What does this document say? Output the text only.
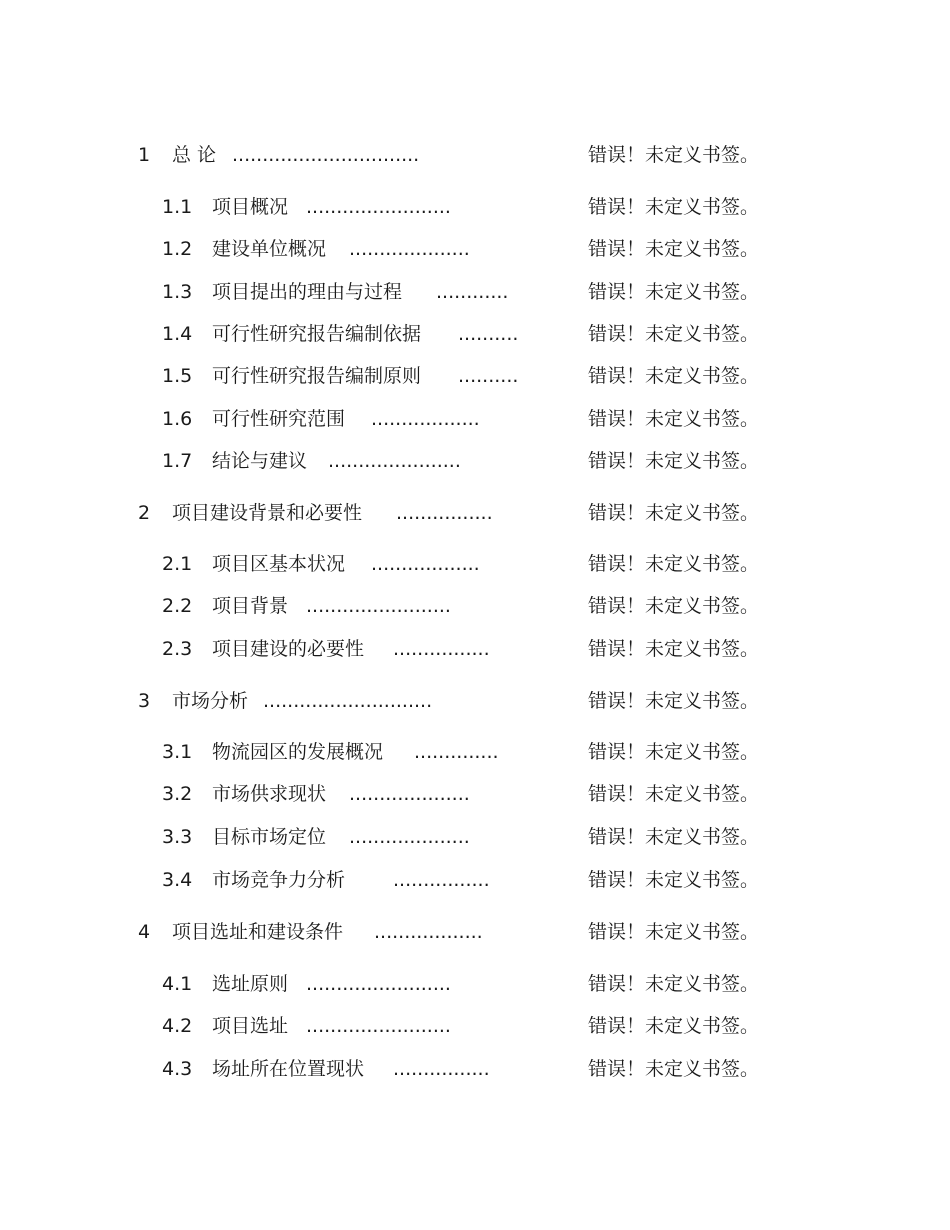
1 总 论 ...............................	错误！未定义书签。
1.1 项目概况 ........................	错误！未定义书签。
1.2 建设单位概况 ....................	错误！未定义书签。
1.3 项目提出的理由与过程 ............	错误！未定义书签。
1.4 可行性研究报告编制依据 ..........	错误！未定义书签。
1.5 可行性研究报告编制原则 ..........	错误！未定义书签。
1.6 可行性研究范围 ..................	错误！未定义书签。
1.7 结论与建议 ......................	错误！未定义书签。
2 项目建设背景和必要性 ................	错误！未定义书签。
2.1 项目区基本状况 ..................	错误！未定义书签。
2.2 项目背景 ........................	错误！未定义书签。
2.3 项目建设的必要性 ................	错误！未定义书签。
3 市场分析 ............................	错误！未定义书签。
3.1 物流园区的发展概况 ..............	错误！未定义书签。
3.2 市场供求现状 ....................	错误！未定义书签。
3.3 目标市场定位 ....................	错误！未定义书签。
3.4 市场竞争力分析	................	错误！未定义书签。
4 项目选址和建设条件 ..................	错误！未定义书签。
4.1 选址原则 ........................	错误！未定义书签。
4.2 项目选址 ........................	错误！未定义书签。
4.3 场址所在位置现状 ................	错误！未定义书签。
